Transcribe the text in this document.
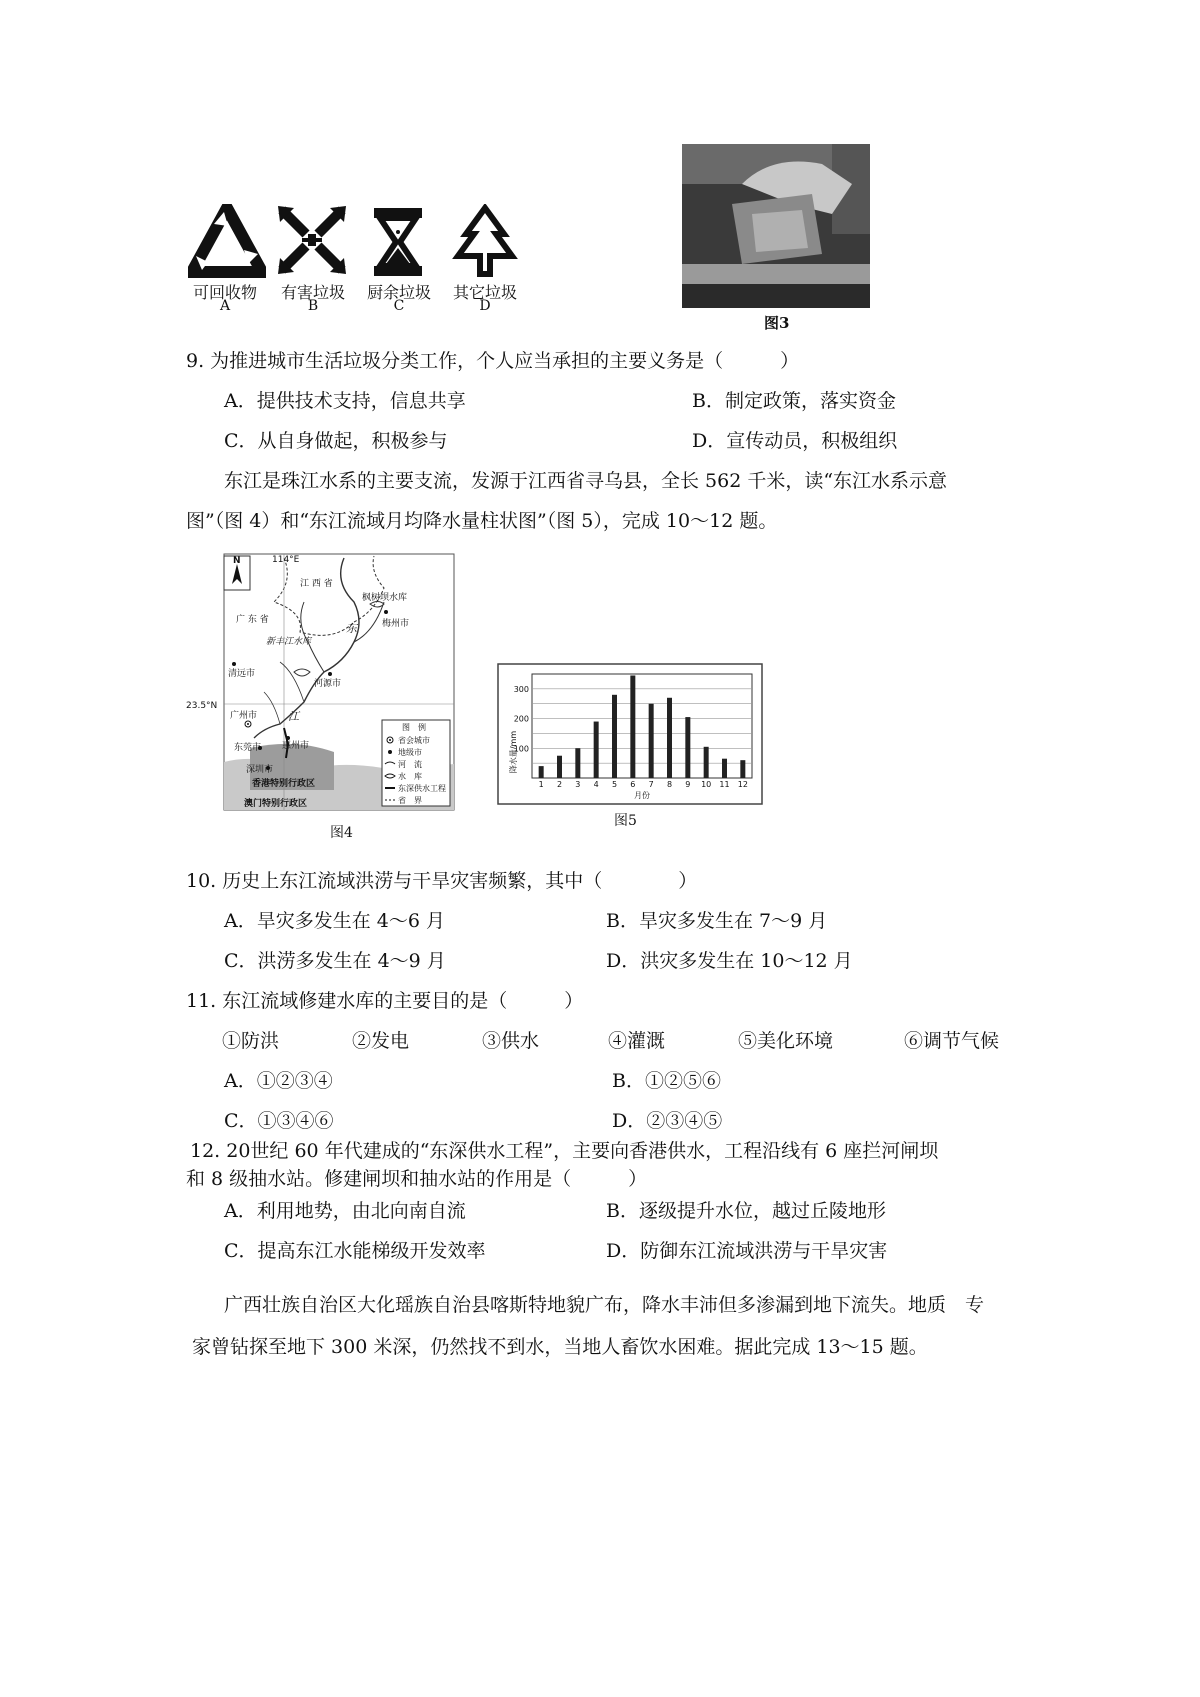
可回收物	有害垃圾	厨余垃圾	其它垃圾
A	B	C	D
图3
9. 为推进城市生活垃圾分类工作，个人应当承担的主要义务是（　　　）
A．提供技术支持，信息共享	B．制定政策，落实资金
C．从自身做起，积极参与	D．宣传动员，积极组织
东江是珠江水系的主要支流，发源于江西省寻乌县，全长 562 千米，读“东江水系示意
图”（图 4）和“东江流域月均降水量柱状图”（图 5），完成 10～12 题。
N	114°E
23.5°N
江 西 省
广 东 省
枫树坝水库
梅州市
新丰江水库
东
河源市
清远市
广州市	江
东莞市 惠州市
深圳市
香港特别行政区
澳门特别行政区
图　例
省会城市
地级市
河　流
水　库
东深供水工程
省　界
图4
1 2 3 4 5 6 7 8 9 10 11 12
100
200
300
降水量/mm
月份
图5
10. 历史上东江流域洪涝与干旱灾害频繁，其中（　　　　）
A．旱灾多发生在 4～6 月	B．旱灾多发生在 7～9 月
C．洪涝多发生在 4～9 月	D．洪灾多发生在 10～12 月
11. 东江流域修建水库的主要目的是（　　　）
①防洪	②发电	③供水	④灌溉	⑤美化环境	⑥调节气候
A．①②③④	B．①②⑤⑥
C．①③④⑥	D．②③④⑤
12. 20世纪 60 年代建成的“东深供水工程”，主要向香港供水，工程沿线有 6 座拦河闸坝
和 8 级抽水站。修建闸坝和抽水站的作用是（　　　）
A．利用地势，由北向南自流	B．逐级提升水位，越过丘陵地形
C．提高东江水能梯级开发效率	D．防御东江流域洪涝与干旱灾害
广西壮族自治区大化瑶族自治县喀斯特地貌广布，降水丰沛但多渗漏到地下流失。地质　专
家曾钻探至地下 300 米深，仍然找不到水，当地人畜饮水困难。据此完成 13～15 题。
